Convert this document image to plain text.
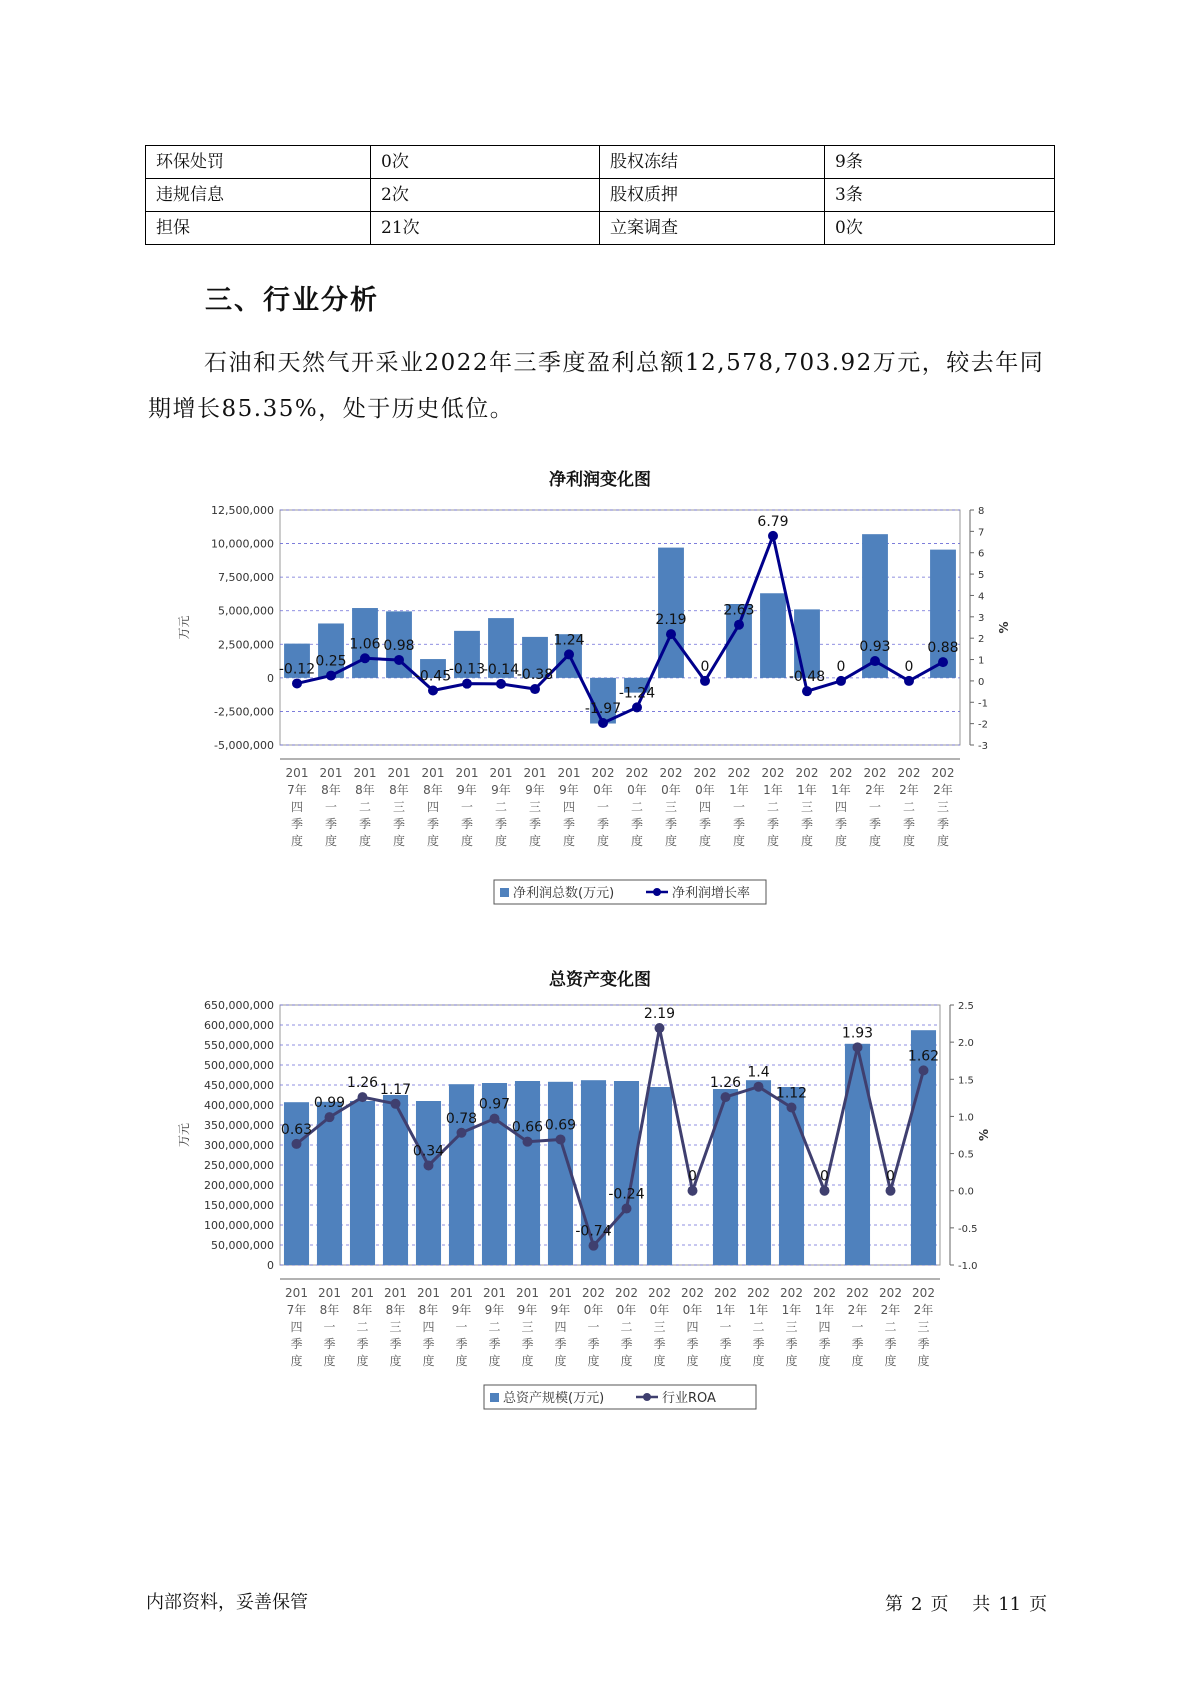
环保处罚	0次	股权冻结	9条
违规信息	2次	股权质押	3条
担保	21次	立案调查	0次
三、行业分析

石油和天然气开采业2022年三季度盈利总额12,578,703.92万元，较去年同期增长85.35%，处于历史低位。

净利润变化图
12,500,000
10,000,000
7,500,000
5,000,000
2,500,000
0
-2,500,000
-5,000,000
8
7
6
5
4
3
2
1
0
-1
-2
-3
万元	%
201
7年
四
季
度
201
8年
一
季
度
201
8年
二
季
度
201
8年
三
季
度
201
8年
四
季
度
201
9年
一
季
度
201
9年
二
季
度
201
9年
三
季
度
201
9年
四
季
度
202
0年
一
季
度
202
0年
二
季
度
202
0年
三
季
度
202
0年
四
季
度
202
1年
一
季
度
202
1年
二
季
度
202
1年
三
季
度
202
1年
四
季
度
202
2年
一
季
度
202
2年
二
季
度
202
2年
三
季
度
-0.12 0.25
1.06 0.98
-0.45
-0.13
-0.14
-0.38
1.24
-1.97
-1.24
2.19
0
2.63
6.79
-0.48
0
0.93
0
0.88
净利润总数(万元)	净利润增长率
总资产变化图
650,000,000
600,000,000
550,000,000
500,000,000
450,000,000
400,000,000
350,000,000
300,000,000
250,000,000
200,000,000
150,000,000
100,000,000
50,000,000
0
2.5
2.0
1.5
1.0
0.5
0.0
-0.5
-1.0
万元	%
201
7年
四
季
度
201
8年
一
季
度
201
8年
二
季
度
201
8年
三
季
度
201
8年
四
季
度
201
9年
一
季
度
201
9年
二
季
度
201
9年
三
季
度
201
9年
四
季
度
202
0年
一
季
度
202
0年
二
季
度
202
0年
三
季
度
202
0年
四
季
度
202
1年
一
季
度
202
1年
二
季
度
202
1年
三
季
度
202
1年
四
季
度
202
2年
一
季
度
202
2年
二
季
度
202
2年
三
季
度
0.63
0.99
1.26 1.17
0.34
0.78
0.97
0.66 0.69
-0.74
-0.24
2.19
0
1.26
1.4
1.12
0
1.93
0
1.62
总资产规模(万元)	行业ROA
内部资料，妥善保管	第 2 页 共 11 页
